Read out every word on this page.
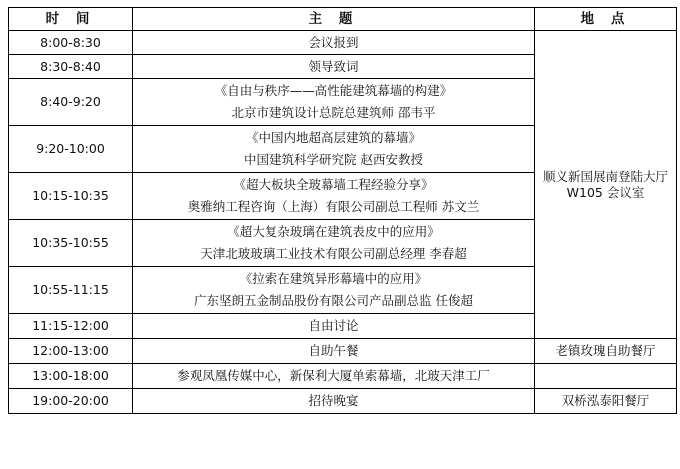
时 间	主 题	地 点
8:00-8:30	会议报到	顺义新国展南登陆大厅 W105 会议室
8:30-8:40	领导致词	
8:40-9:20	《自由与秩序——高性能建筑幕墙的构建》
北京市建筑设计总院总建筑师 邵韦平	

9:20-10:00	《中国内地超高层建筑的幕墙》
中国建筑科学研究院 赵西安教授	

10:15-10:35	《超大板块全玻幕墙工程经验分享》
奥雅纳工程咨询（上海）有限公司副总工程师 苏文兰	

10:35-10:55	《超大复杂玻璃在建筑表皮中的应用》
天津北玻玻璃工业技术有限公司副总经理 李春超	

10:55-11:15	《拉索在建筑异形幕墙中的应用》
广东坚朗五金制品股份有限公司产品副总监 任俊超	

11:15-12:00	自由讨论	
12:00-13:00	自助午餐	老镇玫瑰自助餐厅
13:00-18:00	参观凤凰传媒中心，新保利大厦单索幕墙，北玻天津工厂	
19:00-20:00	招待晚宴	双桥泓泰阳餐厅
